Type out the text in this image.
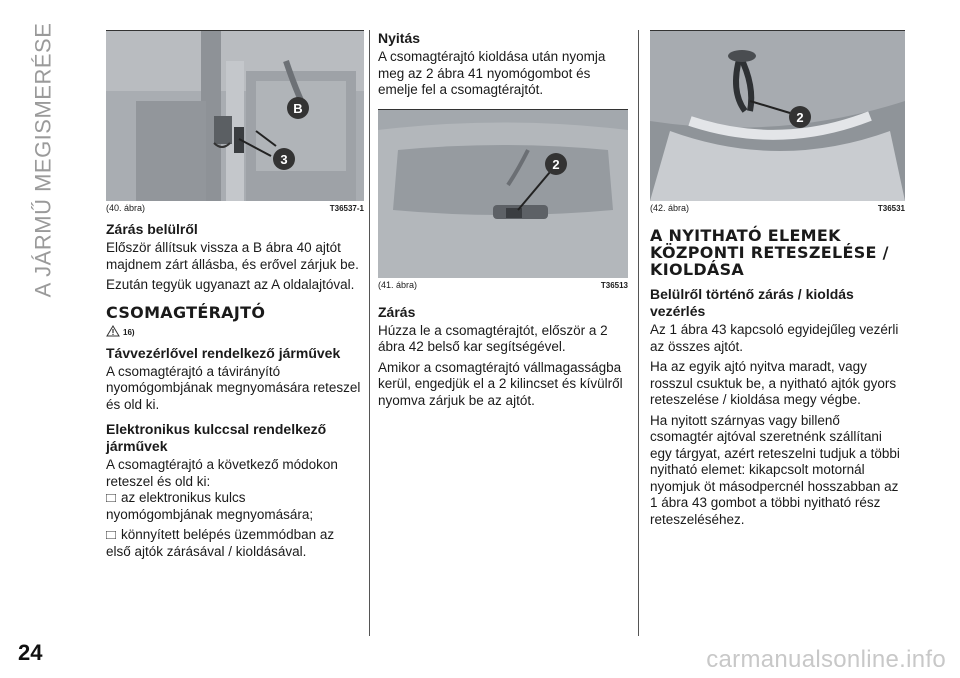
A JÁRMŰ MEGISMERÉSE	B
3
(40. ábra)	T36537-1
Zárás belülről

Először állítsuk vissza a B ábra 40 ajtót majdnem zárt állásba, és erővel zárjuk be.

Ezután tegyük ugyanazt az A oldalajtóval.

CSOMAGTÉRAJTÓ
16)
Távvezérlővel rendelkező járművek

A csomagtérajtó a távirányító nyomógombjának megnyomására reteszel és old ki.

Elektronikus kulccsal rendelkező járművek

A csomagtérajtó a következő módokon reteszel és old ki:

az elektronikus kulcs

nyomógombjának megnyomására;

könnyített belépés üzemmódban az

első ajtók zárásával / kioldásával.

Nyitás

A csomagtérajtó kioldása után nyomja meg az 2 ábra 41 nyomógombot és emelje fel a csomagtérajtót.

2
(41. ábra)	T36513
Zárás

Húzza le a csomagtérajtót, először a 2 ábra 42 belső kar segítségével.

Amikor a csomagtérajtó vállmagasságba kerül, engedjük el a 2 kilincset és kívülről nyomva zárjuk be az ajtót.

2
(42. ábra)	T36531
A NYITHATÓ ELEMEK KÖZPONTI RETESZELÉSE / KIOLDÁSA
Belülről történő zárás / kioldás vezérlés

Az 1 ábra 43 kapcsoló egyidejűleg vezérli az összes ajtót.

Ha az egyik ajtó nyitva maradt, vagy rosszul csuktuk be, a nyitható ajtók gyors reteszelése / kioldása megy végbe.

Ha nyitott szárnyas vagy billenő csomagtér ajtóval szeretnénk szállítani egy tárgyat, azért reteszelni tudjuk a többi nyitható elemet: kikapcsolt motornál nyomjuk öt másodpercnél hosszabban az 1 ábra 43 gombot a többi nyitható rész reteszeléséhez.

24	carmanualsonline.info
